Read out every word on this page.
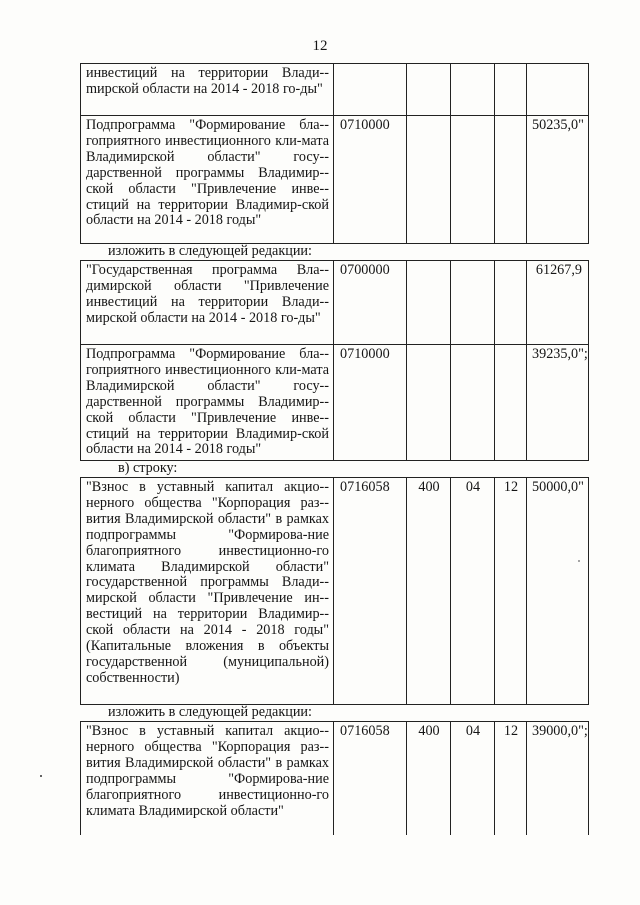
12
инвестиций на территории Влади-mирской области на 2014 - 2018 го-ды"					
Подпрограмма "Формирование бла-гоприятного инвестиционного кли-мата Владимирской области" госу-дарственной программы Владимир-ской области "Привлечение инве-стиций на территории Владимир-ской области на 2014 - 2018 годы"	0710000				50235,0"

изложить в следующей редакции:

"Государственная программа Вла-димирской области "Привлечение инвестиций на территории Влади-мирской области на 2014 - 2018 го-ды"	0700000				61267,9
Подпрограмма "Формирование бла-гоприятного инвестиционного кли-мата Владимирской области" госу-дарственной программы Владимир-ской области "Привлечение инве-стиций на территории Владимир-ской области на 2014 - 2018 годы"	0710000				39235,0";

в) строку:

"Взнос в уставный капитал акцио-нерного общества "Корпорация раз-вития Владимирской области" в рамках подпрограммы "Формирова-ние благоприятного инвестиционно-го климата Владимирской области" государственной программы Влади-мирской области "Привлечение ин-вестиций на территории Владимир-ской области на 2014 - 2018 годы" (Капитальные вложения в объекты государственной (муниципальной) собственности)	0716058	400	04	12	50000,0"

изложить в следующей редакции:

"Взнос в уставный капитал акцио-нерного общества "Корпорация раз-вития Владимирской области" в рамках подпрограммы "Формирова-ние благоприятного инвестиционно-го климата Владимирской области"	0716058	400	04	12	39000,0";
